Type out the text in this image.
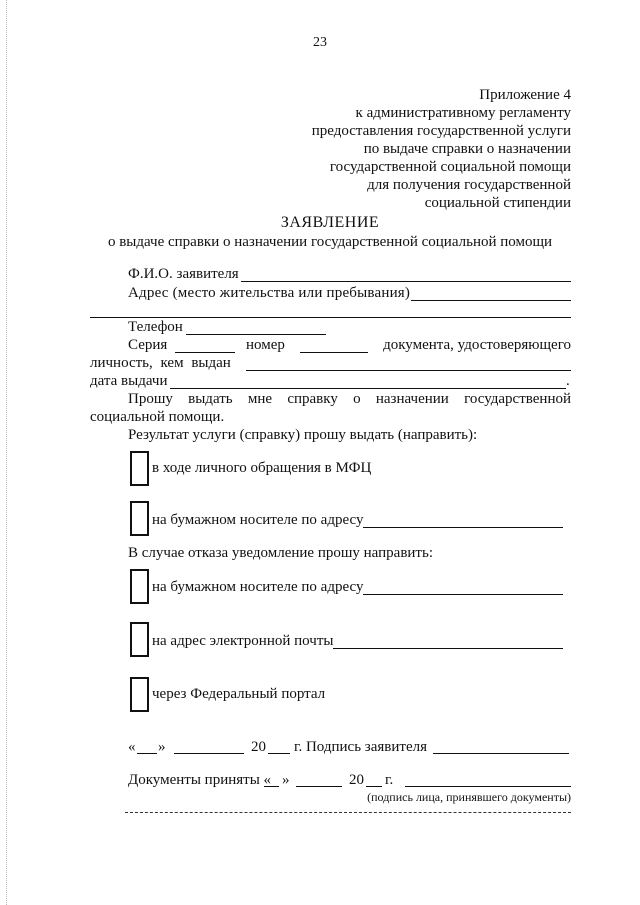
23
Приложение 4
к административному регламенту
предоставления государственной услуги
по выдаче справки о назначении
государственной социальной помощи
для получения государственной
социальной стипендии
ЗАЯВЛЕНИЕ
о выдаче справки о назначении государственной социальной помощи
Ф.И.О. заявителя
Адрес (место жительства или пребывания)
Телефон
Серия	номер	документа, удостоверяющего
личность, кем выдан
дата выдачи	.
Прошу выдать мне справку о назначении государственной
социальной помощи.
Результат услуги (справку) прошу выдать (направить):
в ходе личного обращения в МФЦ
на бумажном носителе по адресу
В случае отказа уведомление прошу направить:
на бумажном носителе по адресу
на адрес электронной почты
через Федеральный портал
« »	20 г. Подпись заявителя
Документы приняты « »	20 г.
(подпись лица, принявшего документы)
